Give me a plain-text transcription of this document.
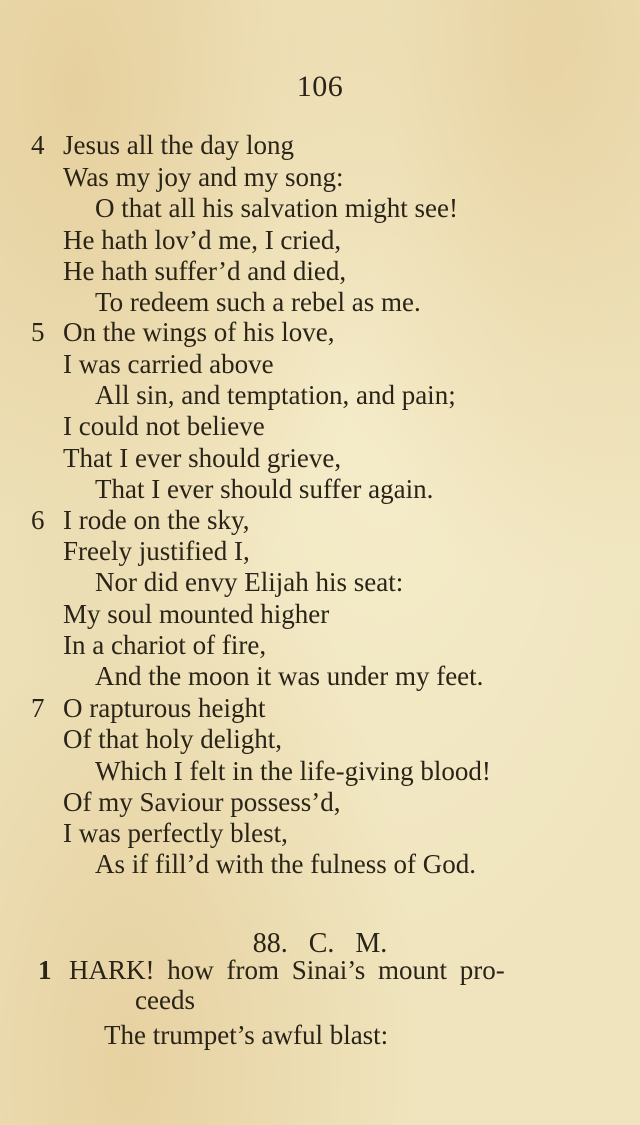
106
4 Jesus all the day long
Was my joy and my song:
O that all his salvation might see!
He hath lov’d me, I cried,
He hath suffer’d and died,
To redeem such a rebel as me.
5 On the wings of his love,
I was carried above
All sin, and temptation, and pain;
I could not believe
That I ever should grieve,
That I ever should suffer again.
6 I rode on the sky,
Freely justified I,
Nor did envy Elijah his seat:
My soul mounted higher
In a chariot of fire,
And the moon it was under my feet.
7 O rapturous height
Of that holy delight,
Which I felt in the life-giving blood!
Of my Saviour possess’d,
I was perfectly blest,
As if fill’d with the fulness of God.
88. C. M.
1 HARK! how from Sinai’s mount pro-
ceeds
The trumpet’s awful blast:
